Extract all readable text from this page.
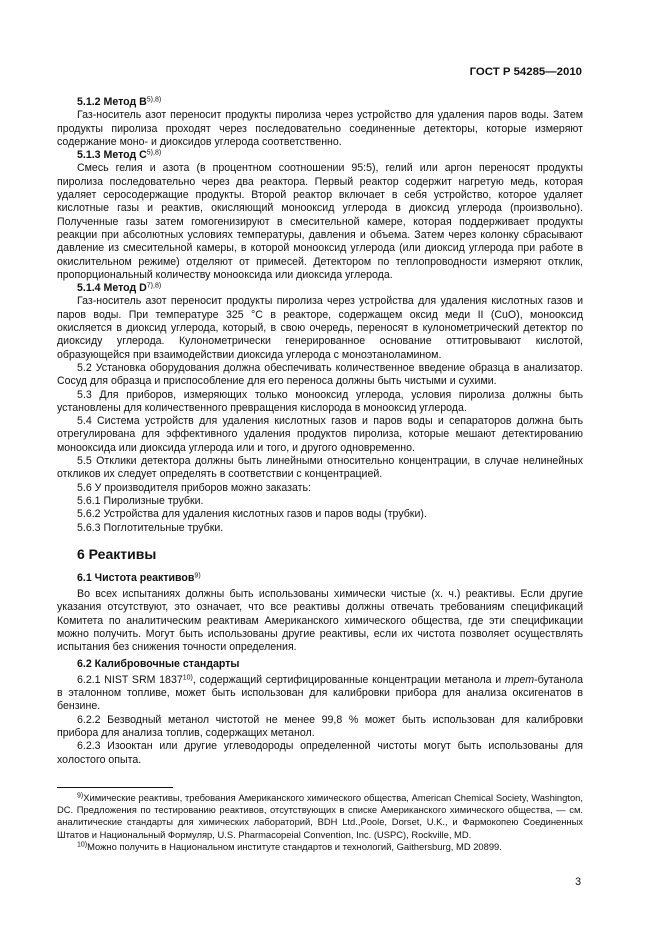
ГОСТ Р 54285—2010

5.1.2 Метод $B^{5),8)}$

Газ-носитель азот переносит продукты пиролиза через устройство для удаления паров воды. Затем продукты пиролиза проходят через последовательно соединенные детекторы, которые измеряют содержание моно- и диоксидов углерода соответственно.

5.1.3 Метод $C^{5),8)}$

Смесь гелия и азота (в процентном соотношении 95:5), гелий или аргон переносят продукты пиролиза последовательно через два реактора. Первый реактор содержит нагретую медь, которая удаляет серосодержащие продукты. Второй реактор включает в себя устройство, которое удаляет кислотные газы и реактив, окисляющий монооксид углерода в диоксид углерода (произвольно). Полученные газы затем гомогенизируют в смесительной камере, которая поддерживает продукты реакции при абсолютных условиях температуры, давления и объема. Затем через колонку сбрасывают давление из смесительной камеры, в которой монооксид углерода (или диоксид углерода при работе в окислительном режиме) отделяют от примесей. Детектором по теплопроводности измеряют отклик, пропорциональный количеству монооксида или диоксида углерода.

5.1.4 Метод $D^{7),8)}$

Газ-носитель азот переносит продукты пиролиза через устройства для удаления кислотных газов и паров воды. При температуре 325 °С в реакторе, содержащем оксид меди II (CuO), монооксид окисляется в диоксид углерода, который, в свою очередь, переносят в кулонометрический детектор по диоксиду углерода. Кулонометрически генерированное основание оттитровывают кислотой, образующейся при взаимодействии диоксида углерода с моноэтаноламином.

5.2 Установка оборудования должна обеспечивать количественное введение образца в анализатор. Сосуд для образца и приспособление для его переноса должны быть чистыми и сухими.

5.3 Для приборов, измеряющих только монооксид углерода, условия пиролиза должны быть установлены для количественного превращения кислорода в монооксид углерода.

5.4 Система устройств для удаления кислотных газов и паров воды и сепараторов должна быть отрегулирована для эффективного удаления продуктов пиролиза, которые мешают детектированию монооксида или диоксида углерода или и того, и другого одновременно.

5.5 Отклики детектора должны быть линейными относительно концентрации, в случае нелинейных откликов их следует определять в соответствии с концентрацией.

5.6 У производителя приборов можно заказать:

5.6.1 Пиролизные трубки.

5.6.2 Устройства для удаления кислотных газов и паров воды (трубки).

5.6.3 Поглотительные трубки.

6 Реактивы

6.1 Чистота реактивов$^{9)}$

Во всех испытаниях должны быть использованы химически чистые (х. ч.) реактивы. Если другие указания отсутствуют, это означает, что все реактивы должны отвечать требованиям спецификаций Комитета по аналитическим реактивам Американского химического общества, где эти спецификации можно получить. Могут быть использованы другие реактивы, если их чистота позволяет осуществлять испытания без снижения точности определения.

6.2 Калибровочные стандарты

6.2.1 NIST SRM 1837$^{10)}$, содержащий сертифицированные концентрации метанола и трет-бутанола в эталонном топливе, может быть использован для калибровки прибора для анализа оксигенатов в бензине.

6.2.2 Безводный метанол чистотой не менее 99,8 % может быть использован для калибровки прибора для анализа топлив, содержащих метанол.

6.2.3 Изооктан или другие углеводороды определенной чистоты могут быть использованы для холостого опыта.

$^{9)}$Химические реактивы, требования Американского химического общества, American Chemical Society, Washington, DC. Предложения по тестированию реактивов, отсутствующих в списке Американского химического общества, — см. аналитические стандарты для химических лабораторий, BDH Ltd.,Poole, Dorset, U.K., и Фармокопею Соединенных Штатов и Национальный Формуляр, U.S. Pharmacopeial Convention, Inc. (USPC), Rockville, MD.

$^{10)}$Можно получить в Национальном институте стандартов и технологий, Gaithersburg, MD 20899.

3
